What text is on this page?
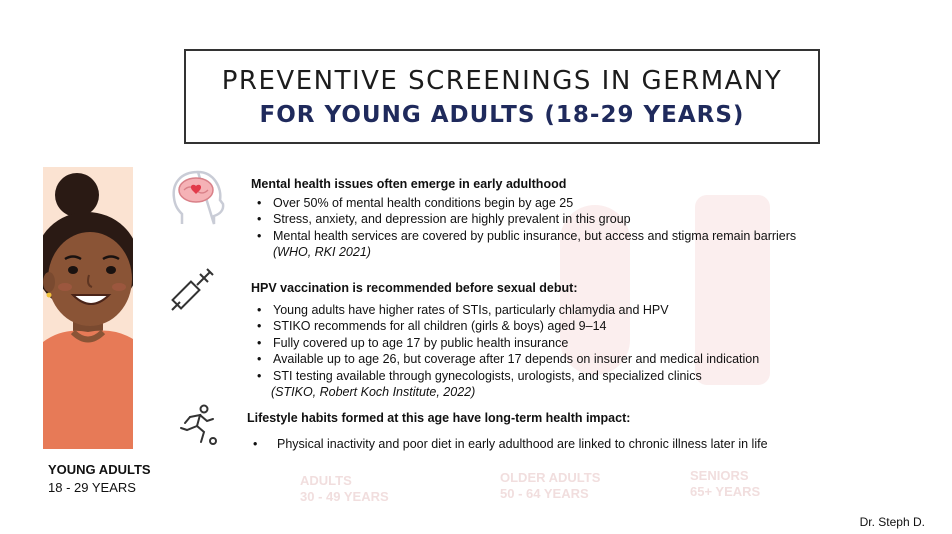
ADULTS
30 - 49 YEARS
OLDER ADULTS
50 - 64 YEARS
SENIORS
65+ YEARS
PREVENTIVE SCREENINGS IN GERMANY
FOR YOUNG ADULTS (18-29 YEARS)
YOUNG ADULTS
18 - 29 YEARS
Mental health issues often emerge in early adulthood
• Over 50% of mental health conditions begin by age 25
• Stress, anxiety, and depression are highly prevalent in this group
• Mental health services are covered by public insurance, but access and stigma remain barriers
(WHO, RKI 2021)
HPV vaccination is recommended before sexual debut:
• Young adults have higher rates of STIs, particularly chlamydia and HPV
• STIKO recommends for all children (girls & boys) aged 9–14
• Fully covered up to age 17 by public health insurance
• Available up to age 26, but coverage after 17 depends on insurer and medical indication
• STI testing available through gynecologists, urologists, and specialized clinics
(STIKO, Robert Koch Institute, 2022)
Lifestyle habits formed at this age have long-term health impact:
• Physical inactivity and poor diet in early adulthood are linked to chronic illness later in life
Dr. Steph D.
